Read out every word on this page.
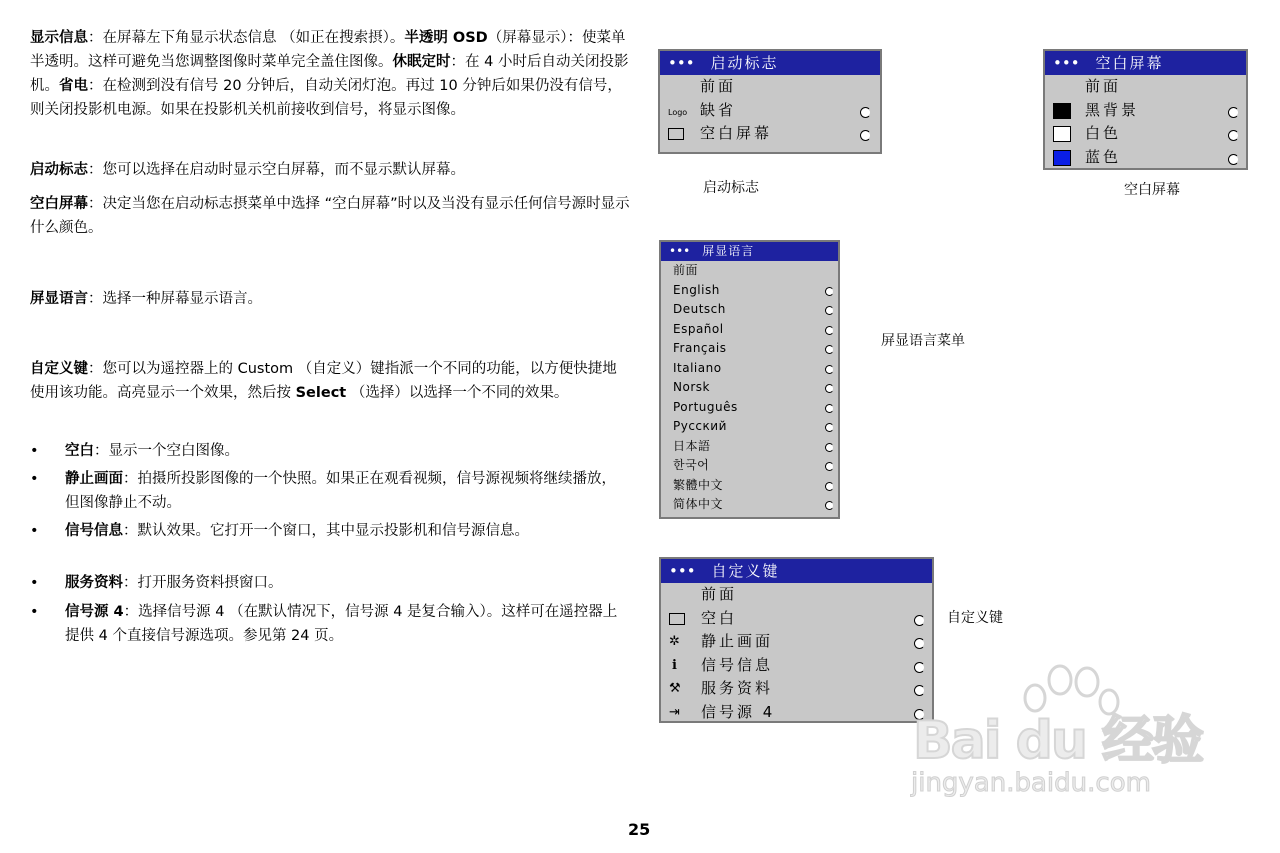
显示信息：在屏幕左下角显示状态信息 （如正在搜索摂）。半透明 OSD（屏幕显示）：使菜单半透明。这样可避免当您调整图像时菜单完全盖住图像。休眠定时：在 4 小时后自动关闭投影机。省电：在检测到没有信号 20 分钟后，自动关闭灯泡。再过 10 分钟后如果仍没有信号，则关闭投影机电源。如果在投影机关机前接收到信号，将显示图像。

启动标志：您可以选择在启动时显示空白屏幕，而不显示默认屏幕。
空白屏幕：决定当您在启动标志摂菜单中选择 “空白屏幕”时以及当没有显示任何信号源时显示什么颜色。
屏显语言：选择一种屏幕显示语言。
自定义键：您可以为遥控器上的 Custom （自定义）键指派一个不同的功能，以方便快捷地使用该功能。高亮显示一个效果，然后按 Select （选择）以选择一个不同的效果。
• 空白：显示一个空白图像。
• 静止画面：拍摄所投影图像的一个快照。如果正在观看视频，信号源视频将继续播放，但图像静止不动。
• 信号信息：默认效果。它打开一个窗口，其中显示投影机和信号源信息。
• 服务资料：打开服务资料摂窗口。
• 信号源 4：选择信号源 4 （在默认情况下，信号源 4 是复合输入）。这样可在遥控器上提供 4 个直接信号源选项。参见第 24 页。
••• 启动标志
前面
Logo 缺省
空白屏幕
启动标志
••• 空白屏幕
前面
黑背景
白色
蓝色
空白屏幕
••• 屏显语言
前面
English
Deutsch
Español
Français
Italiano
Norsk
Português
Русский
日本語
한국어
繁體中文
简体中文
屏显语言菜单
••• 自定义键
前面
空白
✲	静止画面
i	信号信息
⚒	服务资料
⇥	信号源 4
自定义键
Bai du 经验
jingyan.baidu.com
25
